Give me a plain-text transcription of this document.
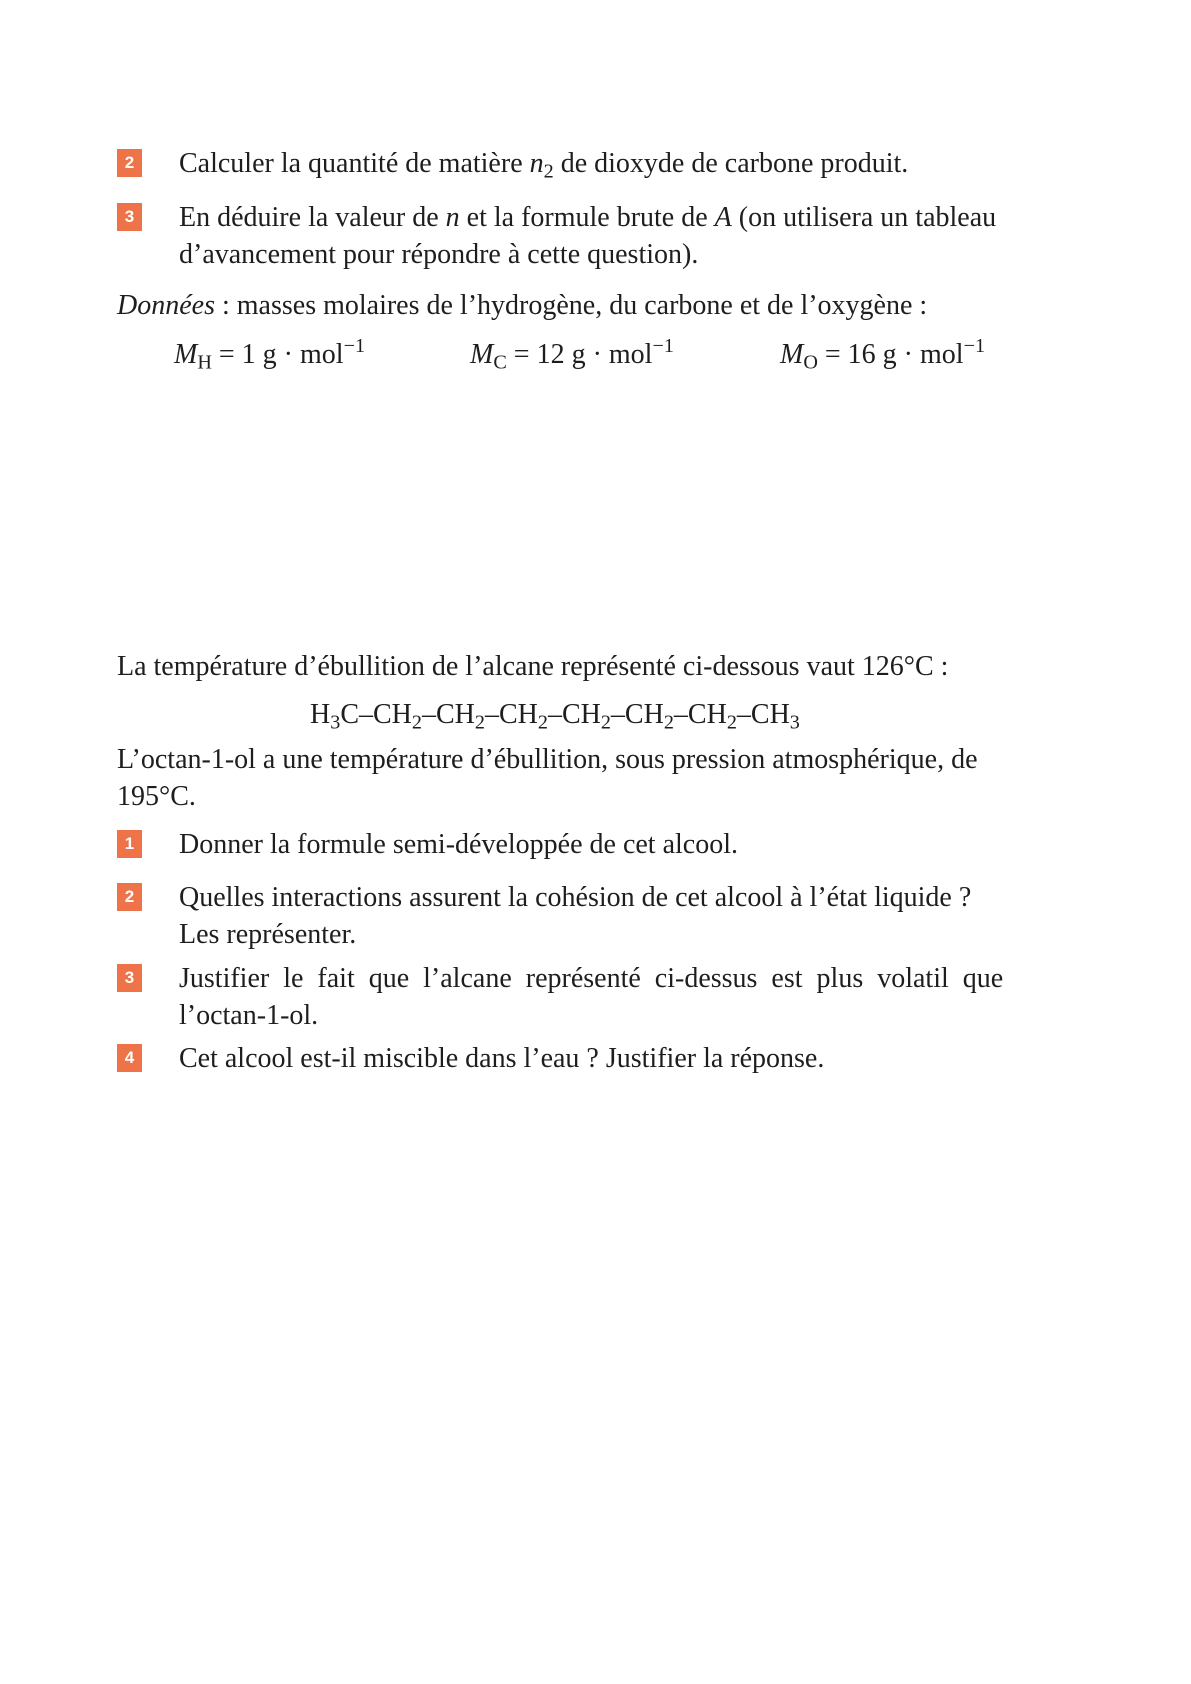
2 Calculer la quantité de matière $n_2$ de dioxyde de carbone produit.
3 En déduire la valeur de n et la formule brute de A (on utilisera un tableau
d’avancement pour répondre à cette question).
Données : masses molaires de l’hydrogène, du carbone et de l’oxygène :
$M_H = 1$ g · mol$^{-1}$	$M_C = 12$ g · mol$^{-1}$	$M_O = 16$ g · mol$^{-1}$
La température d’ébullition de l’alcane représenté ci-dessous vaut 126°C :
$H_3C-CH_2-CH_2-CH_2-CH_2-CH_2-CH_2-CH_3$
L’octan-1-ol a une température d’ébullition, sous pression atmosphérique, de
195°C.
1 Donner la formule semi-développée de cet alcool.
2 Quelles interactions assurent la cohésion de cet alcool à l’état liquide ?
Les représenter.
3 Justifier le fait que l’alcane représenté ci-dessus est plus volatil que
l’octan-1-ol.
4 Cet alcool est-il miscible dans l’eau ? Justifier la réponse.
